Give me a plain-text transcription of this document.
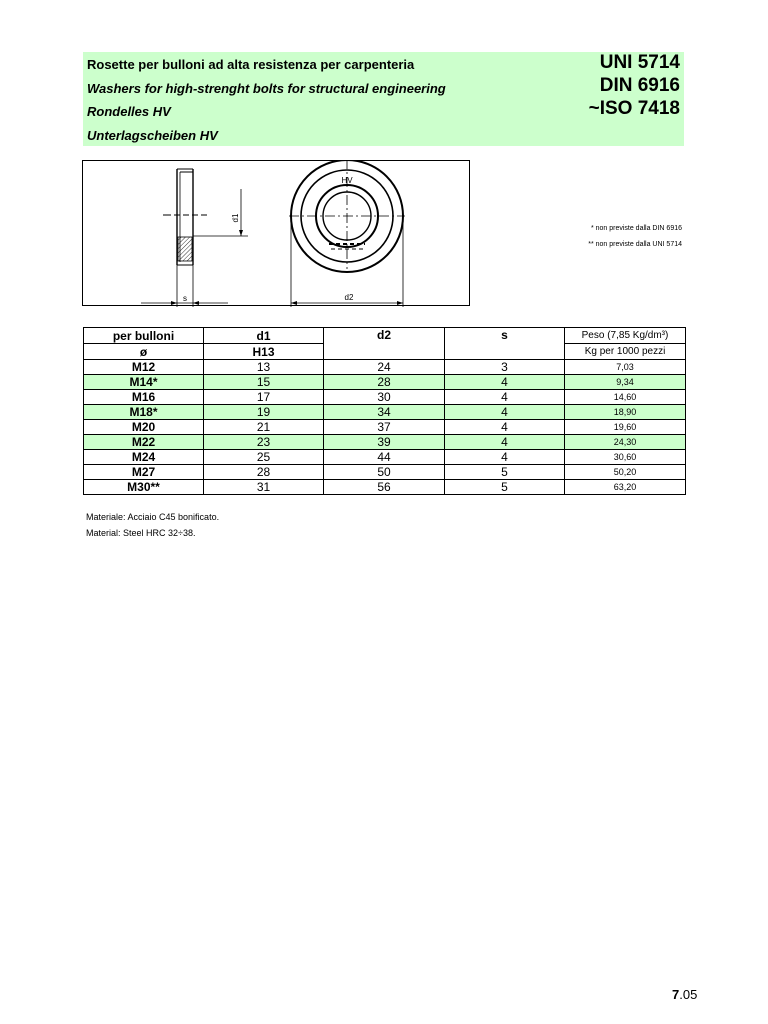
Rosette per bulloni ad alta resistenza per carpenteria
Washers for high-strenght bolts for structural engineering
Rondelles HV
Unterlagscheiben HV
UNI 5714
DIN 6916
~ISO 7418
HV
d1
s	d2
* non previste dalla DIN 6916
** non previste dalla UNI 5714
per bulloni	d1	d2	s	Peso (7,85 Kg/dm³)
ø	H13			Kg per 1000 pezzi
M12	13	24	3	7,03
M14*	15	28	4	9,34
M16	17	30	4	14,60
M18*	19	34	4	18,90
M20	21	37	4	19,60
M22	23	39	4	24,30
M24	25	44	4	30,60
M27	28	50	5	50,20
M30**	31	56	5	63,20
Materiale: Acciaio C45 bonificato.
Material: Steel HRC 32÷38.
7.05
